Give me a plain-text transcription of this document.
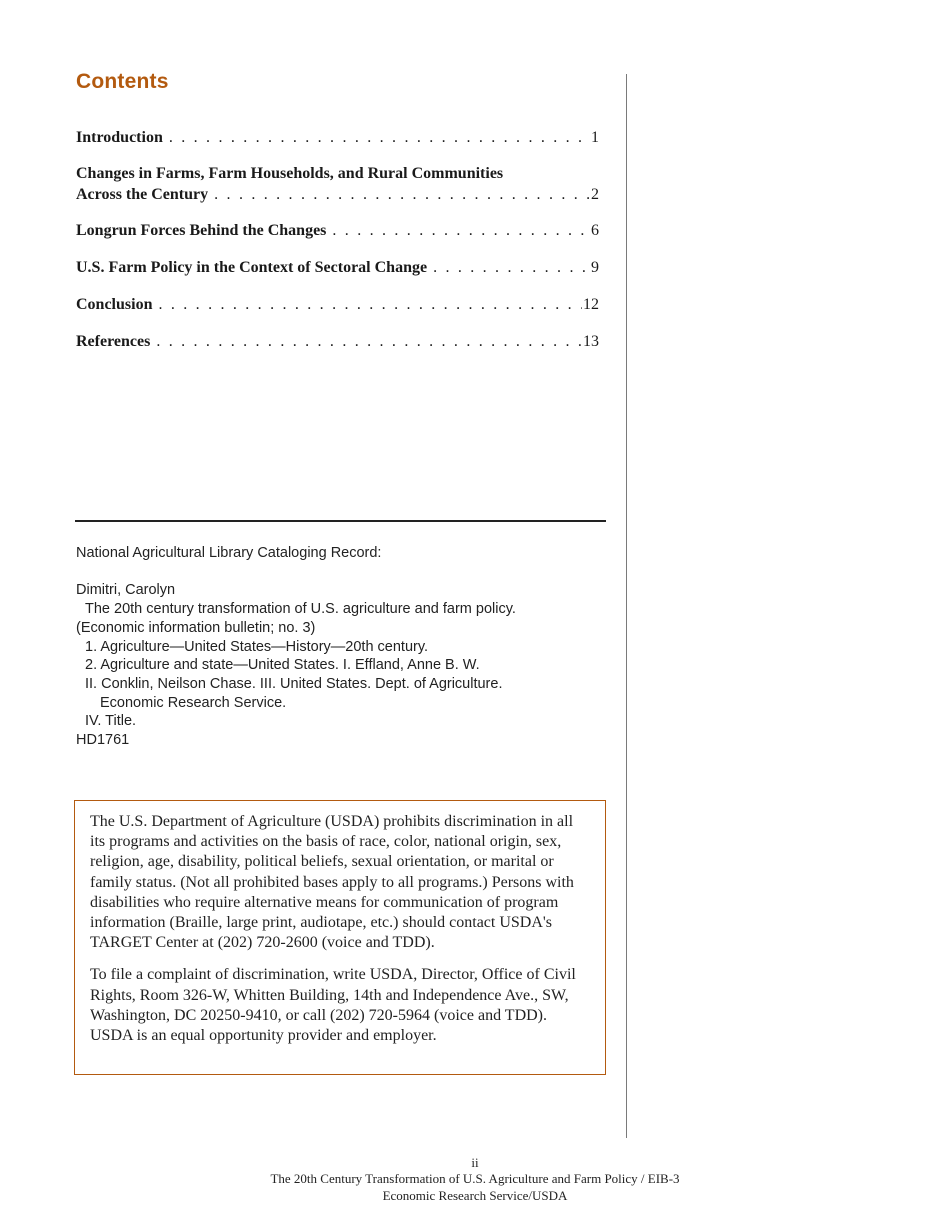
Contents
Introduction . . .	1
Changes in Farms, Farm Households, and Rural Communities
Across the Century . . .	2
Longrun Forces Behind the Changes . . .	6
U.S. Farm Policy in the Context of Sectoral Change . . .	9
Conclusion . . .	12
References . . .	13
National Agricultural Library Cataloging Record:
Dimitri, Carolyn
The 20th century transformation of U.S. agriculture and farm policy.
(Economic information bulletin; no. 3)
1. Agriculture—United States—History—20th century.
2. Agriculture and state—United States. I. Effland, Anne B. W.
II. Conklin, Neilson Chase. III. United States. Dept. of Agriculture.
Economic Research Service.
IV. Title.
HD1761

The U.S. Department of Agriculture (USDA) prohibits discrimination in all its programs and activities on the basis of race, color, national origin, sex, religion, age, disability, political beliefs, sexual orientation, or marital or family status. (Not all prohibited bases apply to all programs.) Persons with disabilities who require alternative means for communication of program information (Braille, large print, audiotape, etc.) should contact USDA's TARGET Center at (202) 720-2600 (voice and TDD).

To file a complaint of discrimination, write USDA, Director, Office of Civil Rights, Room 326-W, Whitten Building, 14th and Independence Ave., SW, Washington, DC 20250-9410, or call (202) 720-5964 (voice and TDD). USDA is an equal opportunity provider and employer.

ii
The 20th Century Transformation of U.S. Agriculture and Farm Policy / EIB-3
Economic Research Service/USDA
